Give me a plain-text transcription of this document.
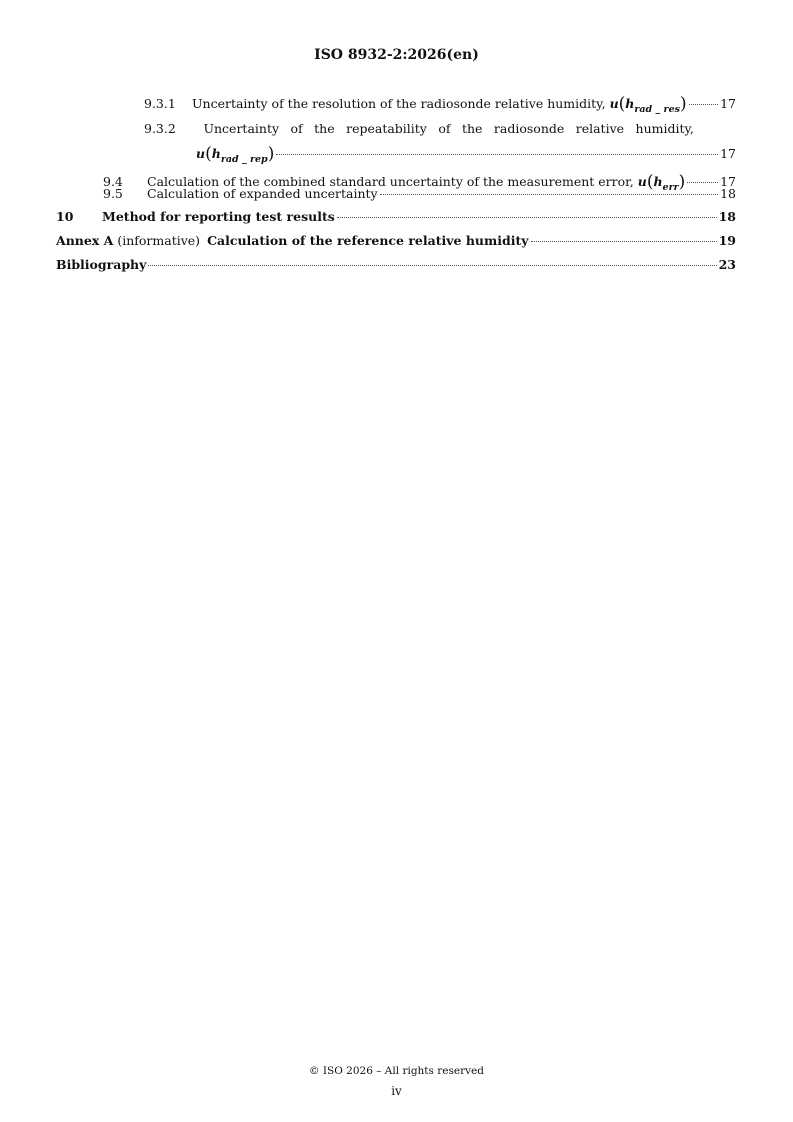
ISO 8932-2:2026(en)
9.3.1	Uncertainty of the resolution of the radiosonde relative humidity, $u(h_{rad \_ res})$	17
9.3.2	Uncertainty of the repeatability of the radiosonde relative humidity,
$u(h_{rad \_ rep})$	17
9.4	Calculation of the combined standard uncertainty of the measurement error, $u(h_{err})$	17
9.5	Calculation of expanded uncertainty	18
10	Method for reporting test results	18
Annex A (informative) Calculation of the reference relative humidity	19
Bibliography	23
© ISO 2026 – All rights reserved
iv
